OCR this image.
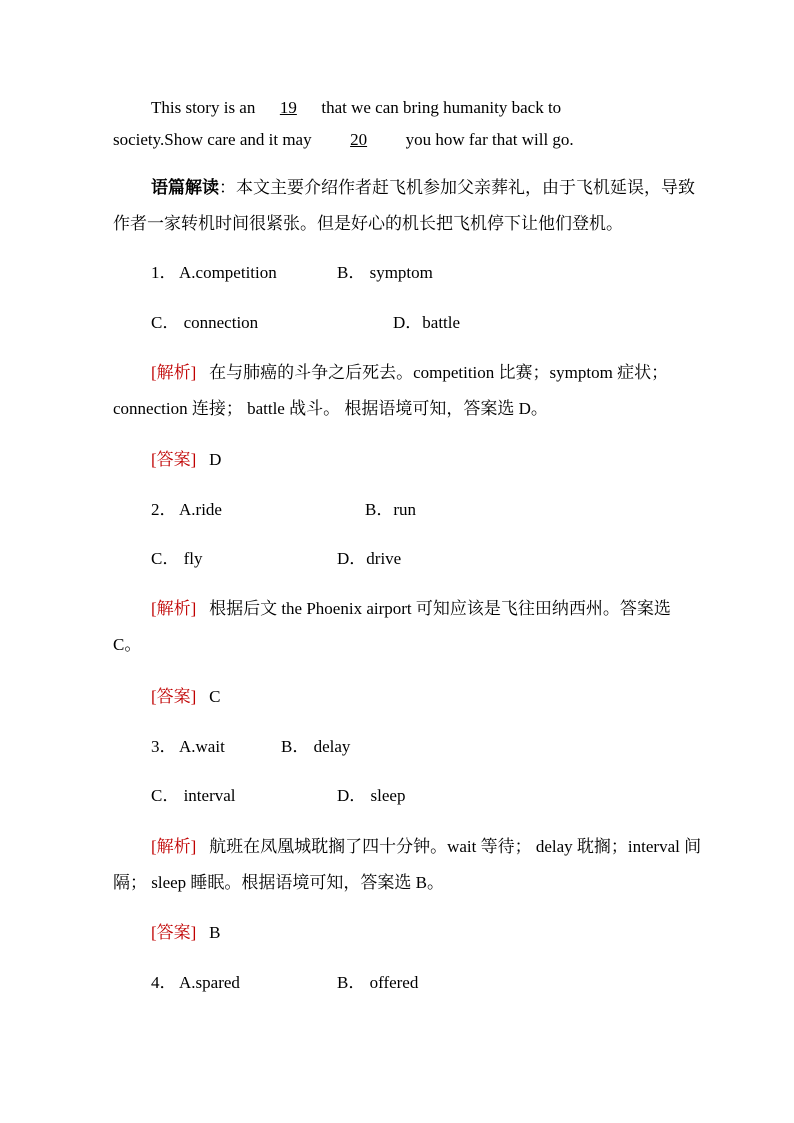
This story is an 19 that we can bring humanity back to
society.Show care and it may 20 you how far that will go.

语篇解读：本文主要介绍作者赶飞机参加父亲葬礼，由于飞机延误，导致作者一家转机时间很紧张。但是好心的机长把飞机停下让他们登机。

1． A.competition	B． symptom
C． connection	D．battle

[解析] 在与肺癌的斗争之后死去。competition 比赛；symptom 症状；connection 连接； battle 战斗。 根据语境可知，答案选 D。

[答案] D
2． A.ride	B．run
C． fly	D．drive

[解析] 根据后文 the Phoenix airport 可知应该是飞往田纳西州。答案选 C。

[答案] C
3． A.wait	B． delay
C． interval	D． sleep

[解析] 航班在凤凰城耽搁了四十分钟。wait 等待； delay 耽搁；interval 间隔； sleep 睡眠。根据语境可知，答案选 B。

[答案] B
4． A.spared	B． offered
